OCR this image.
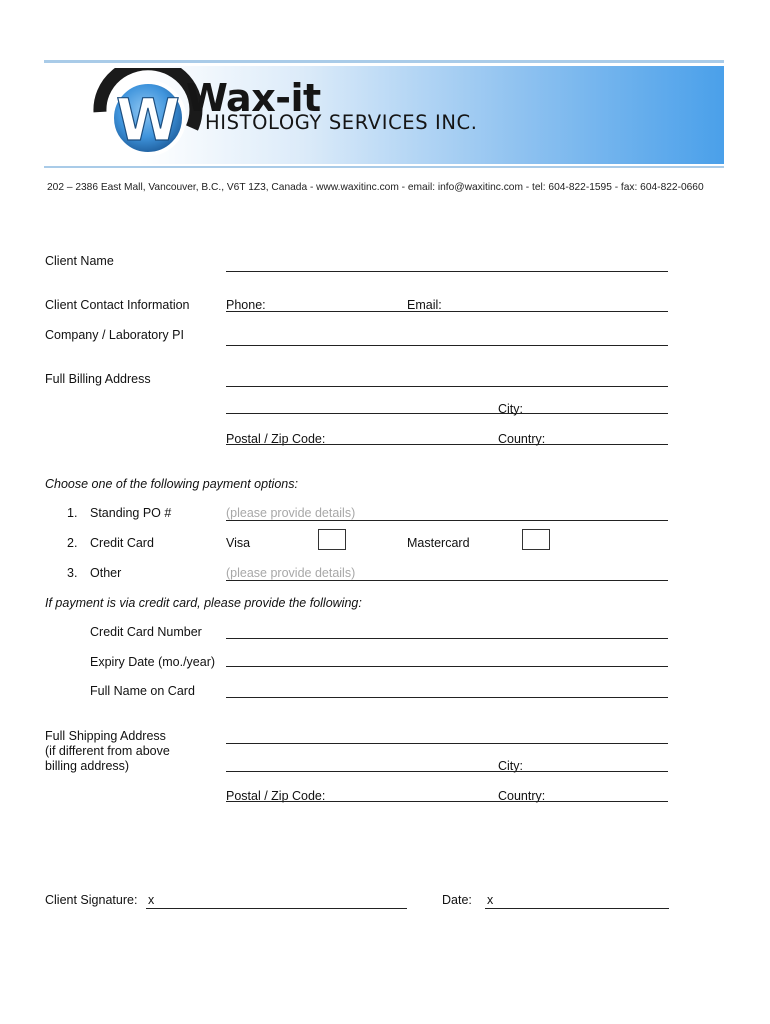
W Wax-it
HISTOLOGY SERVICES INC.
202 – 2386 East Mall, Vancouver, B.C., V6T 1Z3, Canada - www.waxitinc.com - email: info@waxitinc.com - tel: 604-822-1595 - fax: 604-822-0660
Client Name
Client Contact Information	Phone:	Email:
Company / Laboratory PI
Full Billing Address
City:
Postal / Zip Code:	Country:
Choose one of the following payment options:
1. Standing PO #	(please provide details)
2. Credit Card	Visa	Mastercard
3. Other	(please provide details)
If payment is via credit card, please provide the following:
Credit Card Number
Expiry Date (mo./year)
Full Name on Card
Full Shipping Address
(if different from above
billing address)	City:
Postal / Zip Code:	Country:
Client Signature: x	Date: x
